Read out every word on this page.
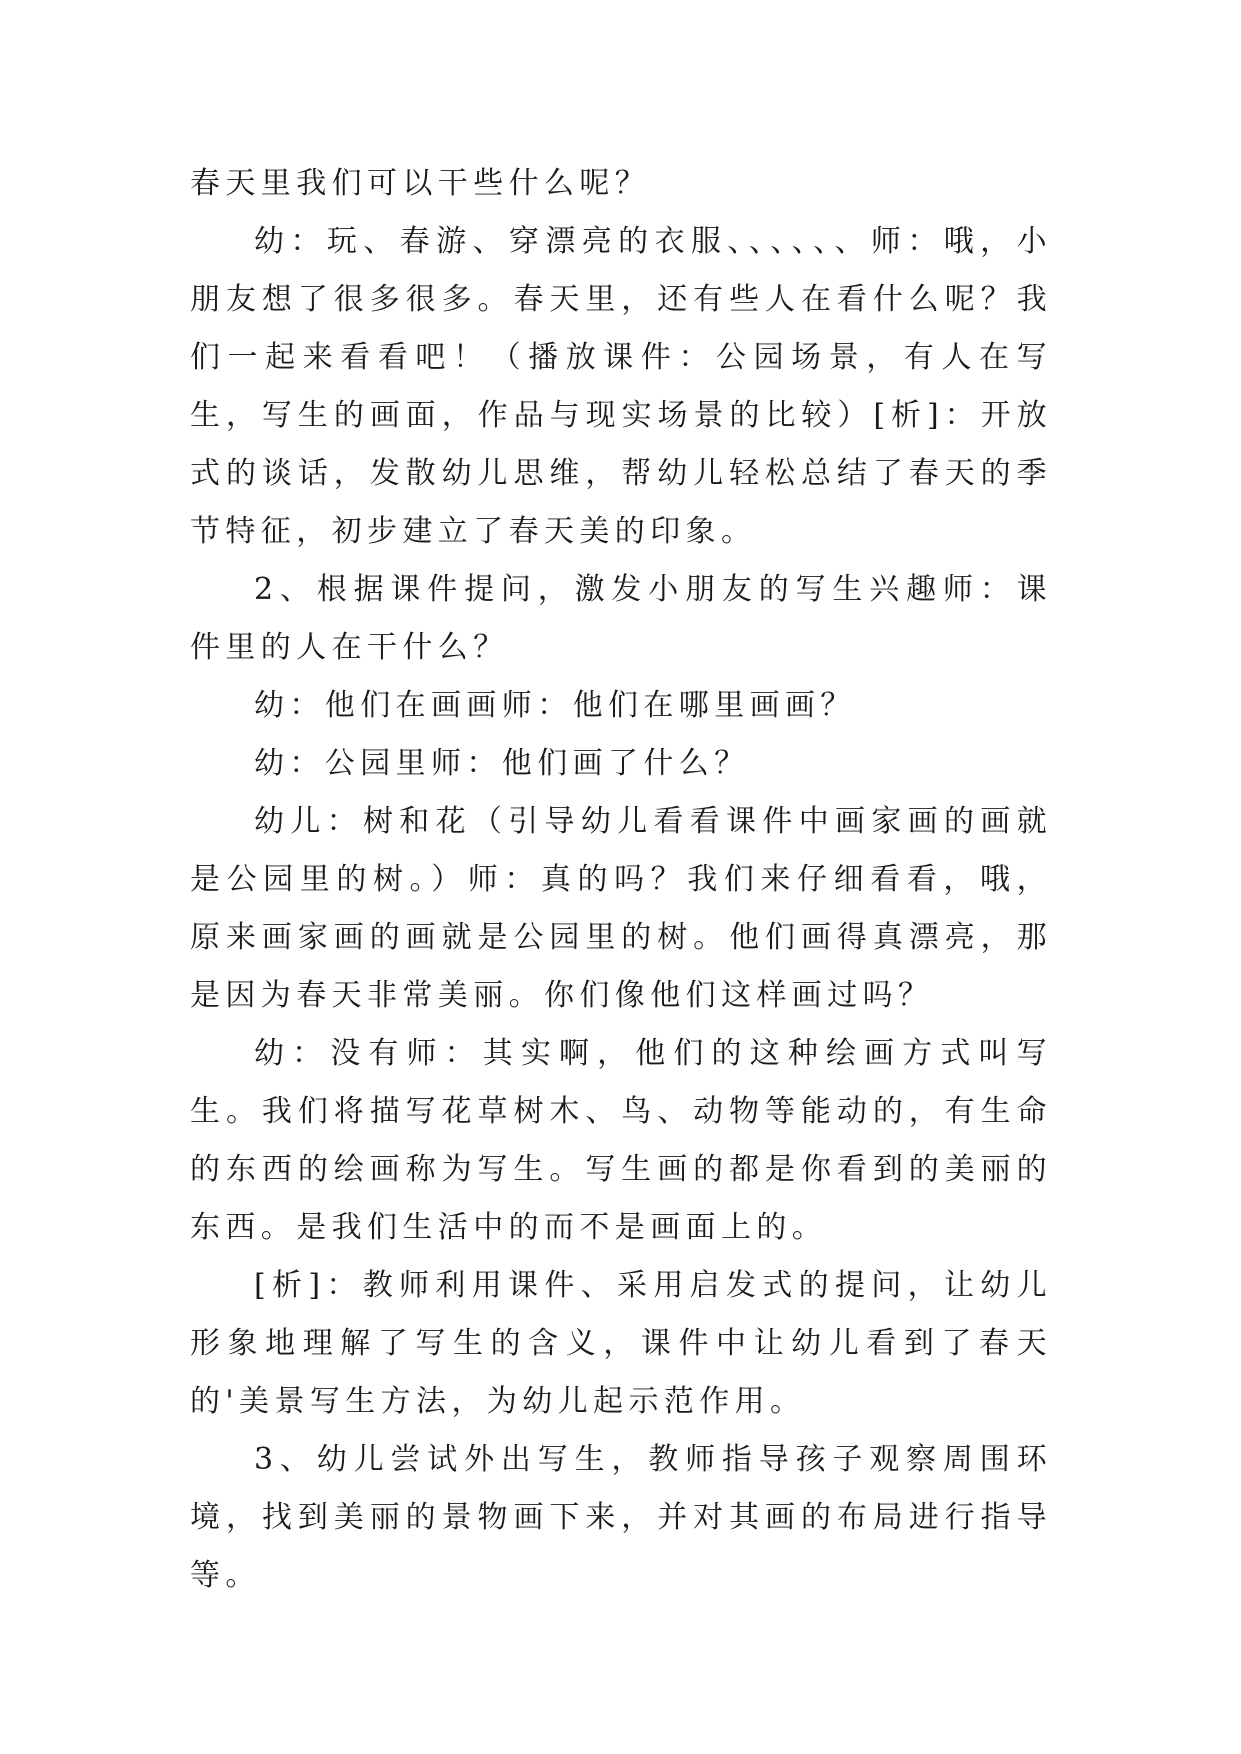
春天里我们可以干些什么呢？

幼：玩、春游、穿漂亮的衣服、、、、、、师：哦，小朋友想了很多很多。春天里，还有些人在看什么呢？我们一起来看看吧！（播放课件：公园场景，有人在写生，写生的画面，作品与现实场景的比较）[析]：开放式的谈话，发散幼儿思维，帮幼儿轻松总结了春天的季节特征，初步建立了春天美的印象。

2、根据课件提问，激发小朋友的写生兴趣师：课件里的人在干什么？

幼：他们在画画师：他们在哪里画画？

幼：公园里师：他们画了什么？

幼儿：树和花（引导幼儿看看课件中画家画的画就是公园里的树。）师：真的吗？我们来仔细看看，哦，原来画家画的画就是公园里的树。他们画得真漂亮，那是因为春天非常美丽。你们像他们这样画过吗？

幼：没有师：其实啊，他们的这种绘画方式叫写生。我们将描写花草树木、鸟、动物等能动的，有生命的东西的绘画称为写生。写生画的都是你看到的美丽的东西。是我们生活中的而不是画面上的。

[析]：教师利用课件、采用启发式的提问，让幼儿形象地理解了写生的含义，课件中让幼儿看到了春天的'美景写生方法，为幼儿起示范作用。

3、幼儿尝试外出写生，教师指导孩子观察周围环境，找到美丽的景物画下来，并对其画的布局进行指导等。
